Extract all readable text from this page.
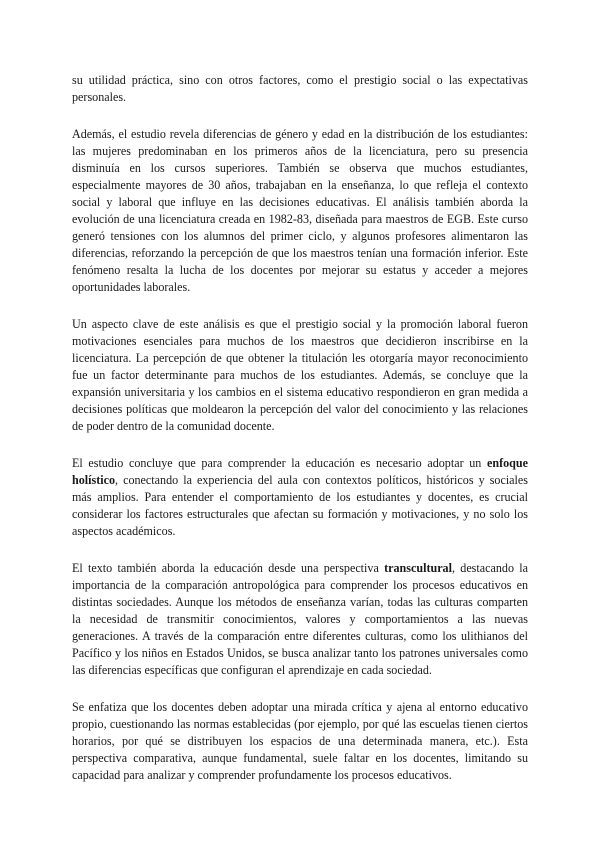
su utilidad práctica, sino con otros factores, como el prestigio social o las expectativas personales.

Además, el estudio revela diferencias de género y edad en la distribución de los estudiantes: las mujeres predominaban en los primeros años de la licenciatura, pero su presencia disminuía en los cursos superiores. También se observa que muchos estudiantes, especialmente mayores de 30 años, trabajaban en la enseñanza, lo que refleja el contexto social y laboral que influye en las decisiones educativas. El análisis también aborda la evolución de una licenciatura creada en 1982-83, diseñada para maestros de EGB. Este curso generó tensiones con los alumnos del primer ciclo, y algunos profesores alimentaron las diferencias, reforzando la percepción de que los maestros tenían una formación inferior. Este fenómeno resalta la lucha de los docentes por mejorar su estatus y acceder a mejores oportunidades laborales.

Un aspecto clave de este análisis es que el prestigio social y la promoción laboral fueron motivaciones esenciales para muchos de los maestros que decidieron inscribirse en la licenciatura. La percepción de que obtener la titulación les otorgaría mayor reconocimiento fue un factor determinante para muchos de los estudiantes. Además, se concluye que la expansión universitaria y los cambios en el sistema educativo respondieron en gran medida a decisiones políticas que moldearon la percepción del valor del conocimiento y las relaciones de poder dentro de la comunidad docente.

El estudio concluye que para comprender la educación es necesario adoptar un enfoque holístico, conectando la experiencia del aula con contextos políticos, históricos y sociales más amplios. Para entender el comportamiento de los estudiantes y docentes, es crucial considerar los factores estructurales que afectan su formación y motivaciones, y no solo los aspectos académicos.

El texto también aborda la educación desde una perspectiva transcultural, destacando la importancia de la comparación antropológica para comprender los procesos educativos en distintas sociedades. Aunque los métodos de enseñanza varían, todas las culturas comparten la necesidad de transmitir conocimientos, valores y comportamientos a las nuevas generaciones. A través de la comparación entre diferentes culturas, como los ulithianos del Pacífico y los niños en Estados Unidos, se busca analizar tanto los patrones universales como las diferencias específicas que configuran el aprendizaje en cada sociedad.

Se enfatiza que los docentes deben adoptar una mirada crítica y ajena al entorno educativo propio, cuestionando las normas establecidas (por ejemplo, por qué las escuelas tienen ciertos horarios, por qué se distribuyen los espacios de una determinada manera, etc.). Esta perspectiva comparativa, aunque fundamental, suele faltar en los docentes, limitando su capacidad para analizar y comprender profundamente los procesos educativos.
